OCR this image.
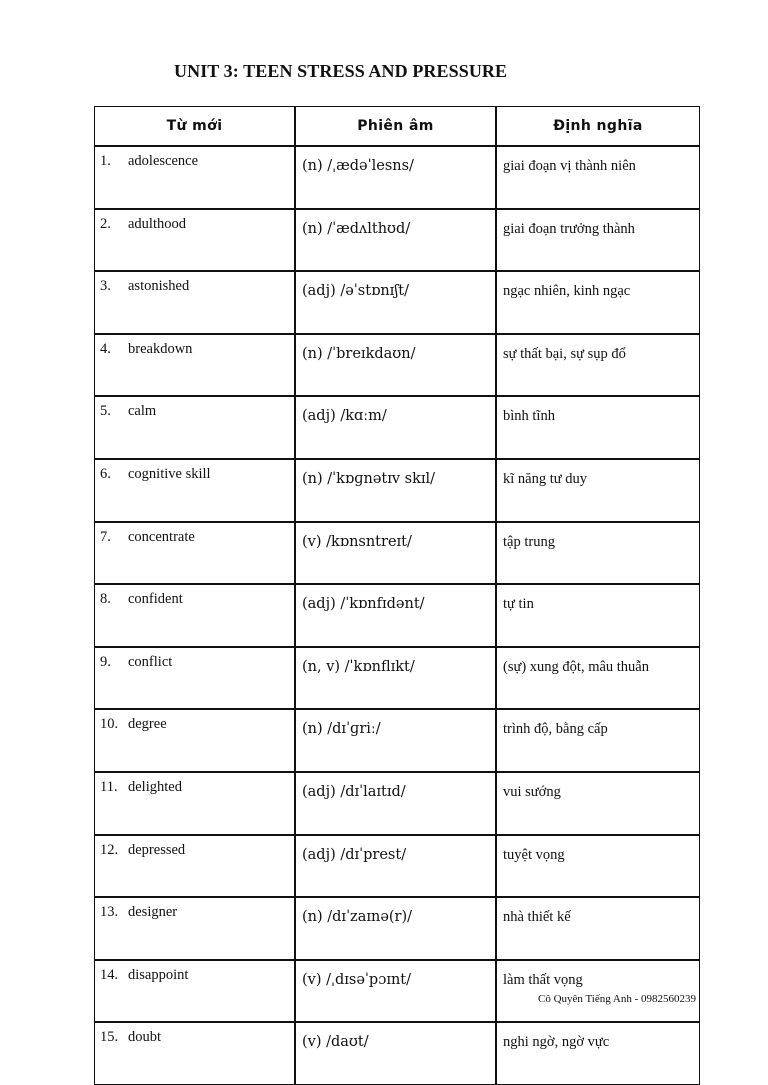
UNIT 3: TEEN STRESS AND PRESSURE
Từ mới	Phiên âm	Định nghĩa
1. adolescence	(n) /ˌædəˈlesns/	giai đoạn vị thành niên
2. adulthood	(n) /ˈædʌlthʊd/	giai đoạn trưởng thành
3. astonished	(adj) /əˈstɒnɪʃt/	ngạc nhiên, kinh ngạc
4. breakdown	(n) /ˈbreɪkdaʊn/	sự thất bại, sự sụp đổ
5. calm	(adj) /kɑːm/	bình tĩnh
6. cognitive skill	(n) /ˈkɒɡnətɪv skɪl/	kĩ năng tư duy
7. concentrate	(v) /kɒnsntreɪt/	tập trung
8. confident	(adj) /ˈkɒnfɪdənt/	tự tin
9. conflict	(n, v) /ˈkɒnflɪkt/	(sự) xung đột, mâu thuẫn
10. degree	(n) /dɪˈɡriː/	trình độ, bằng cấp
11. delighted	(adj) /dɪˈlaɪtɪd/	vui sướng
12. depressed	(adj) /dɪˈprest/	tuyệt vọng
13. designer	(n) /dɪˈzaɪnə(r)/	nhà thiết kế
14. disappoint	(v) /ˌdɪsəˈpɔɪnt/	làm thất vọng
15. doubt	(v) /daʊt/	nghi ngờ, ngờ vực
Cô Quyên Tiếng Anh - 0982560239
